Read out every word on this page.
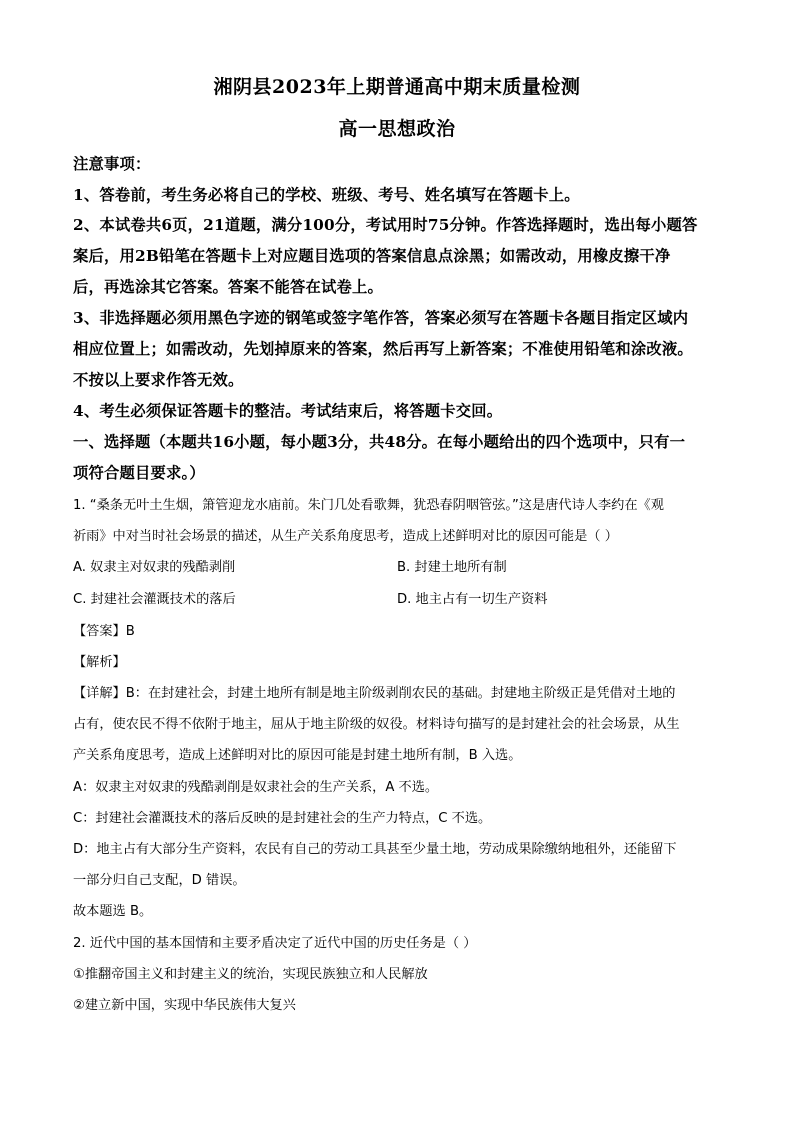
湘阴县2023年上期普通高中期末质量检测
高一思想政治
注意事项：
1、答卷前，考生务必将自己的学校、班级、考号、姓名填写在答题卡上。
2、本试卷共6页，21道题，满分100分，考试用时75分钟。作答选择题时，选出每小题答
案后，用2B铅笔在答题卡上对应题目选项的答案信息点涂黑；如需改动，用橡皮擦干净
后，再选涂其它答案。答案不能答在试卷上。
3、非选择题必须用黑色字迹的钢笔或签字笔作答，答案必须写在答题卡各题目指定区域内
相应位置上；如需改动，先划掉原来的答案，然后再写上新答案；不准使用铅笔和涂改液。
不按以上要求作答无效。
4、考生必须保证答题卡的整洁。考试结束后，将答题卡交回。
一、选择题（本题共16小题，每小题3分，共48分。在每小题给出的四个选项中，只有一
项符合题目要求。）
1. “桑条无叶土生烟，箫管迎龙水庙前。朱门几处看歌舞，犹恐春阴咽管弦。”这是唐代诗人李约在《观
祈雨》中对当时社会场景的描述，从生产关系角度思考，造成上述鲜明对比的原因可能是（ ）
A. 奴隶主对奴隶的残酷剥削	B. 封建土地所有制
C. 封建社会灌溉技术的落后	D. 地主占有一切生产资料
【答案】B
【解析】
【详解】B：在封建社会，封建土地所有制是地主阶级剥削农民的基础。封建地主阶级正是凭借对土地的
占有，使农民不得不依附于地主，屈从于地主阶级的奴役。材料诗句描写的是封建社会的社会场景，从生
产关系角度思考，造成上述鲜明对比的原因可能是封建土地所有制，B 入选。
A：奴隶主对奴隶的残酷剥削是奴隶社会的生产关系，A 不选。
C：封建社会灌溉技术的落后反映的是封建社会的生产力特点，C 不选。
D：地主占有大部分生产资料，农民有自己的劳动工具甚至少量土地，劳动成果除缴纳地租外，还能留下
一部分归自己支配，D 错误。
故本题选 B。
2. 近代中国的基本国情和主要矛盾决定了近代中国的历史任务是（ ）
①推翻帝国主义和封建主义的统治，实现民族独立和人民解放
②建立新中国，实现中华民族伟大复兴
